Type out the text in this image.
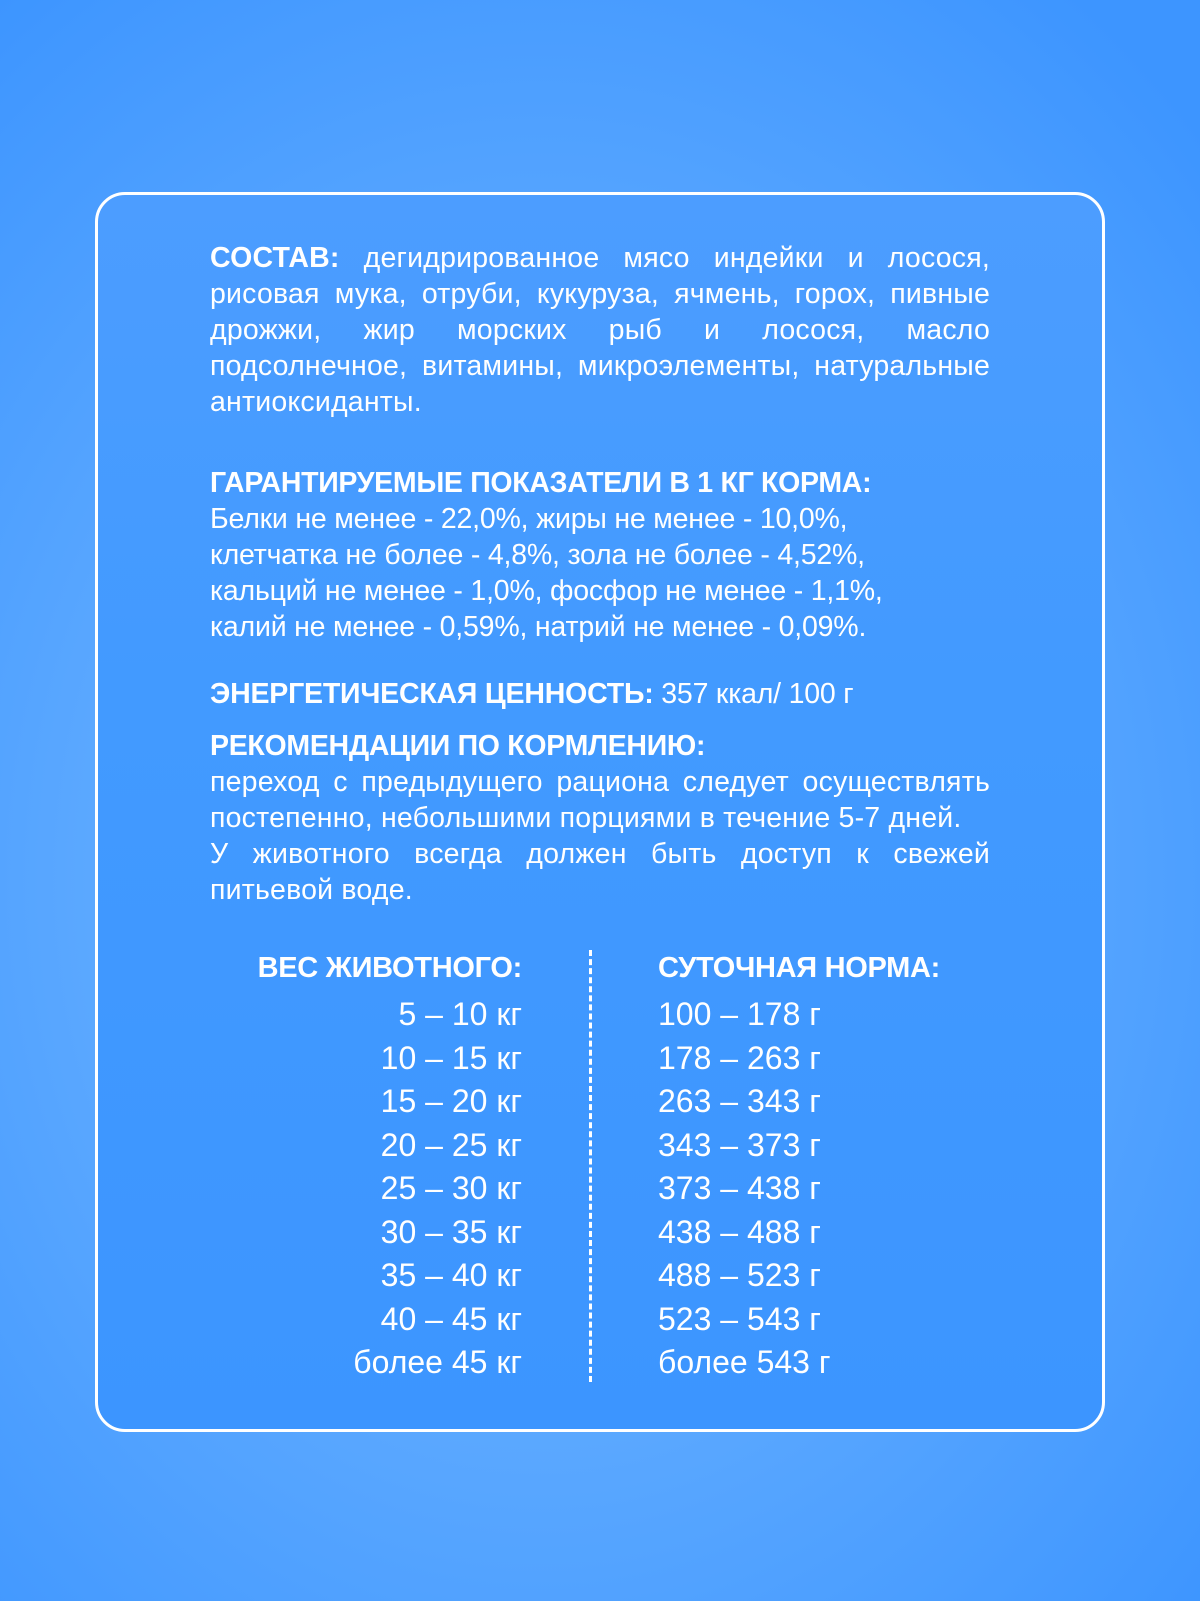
СОСТАВ: дегидрированное мясо индейки и лосося, рисовая мука, отруби, кукуруза, ячмень, горох, пивные дрожжи, жир морских рыб и лосося, масло подсолнечное, витамины, микроэлементы, натуральные антиоксиданты.
ГАРАНТИРУЕМЫЕ ПОКАЗАТЕЛИ В 1 КГ КОРМА:
Белки не менее - 22,0%, жиры не менее - 10,0%,
клетчатка не более - 4,8%, зола не более - 4,52%,
кальций не менее - 1,0%, фосфор не менее - 1,1%,
калий не менее - 0,59%, натрий не менее - 0,09%.
ЭНЕРГЕТИЧЕСКАЯ ЦЕННОСТЬ: 357 ккал/ 100 г
РЕКОМЕНДАЦИИ ПО КОРМЛЕНИЮ:
переход с предыдущего рациона следует осуществлять постепенно, небольшими порциями в течение 5-7 дней.
У животного всегда должен быть доступ к свежей питьевой воде.
ВЕС ЖИВОТНОГО:
5 – 10 кг
10 – 15 кг
15 – 20 кг
20 – 25 кг
25 – 30 кг
30 – 35 кг
35 – 40 кг
40 – 45 кг
более 45 кг
СУТОЧНАЯ НОРМА:
100 – 178 г
178 – 263 г
263 – 343 г
343 – 373 г
373 – 438 г
438 – 488 г
488 – 523 г
523 – 543 г
более 543 г
